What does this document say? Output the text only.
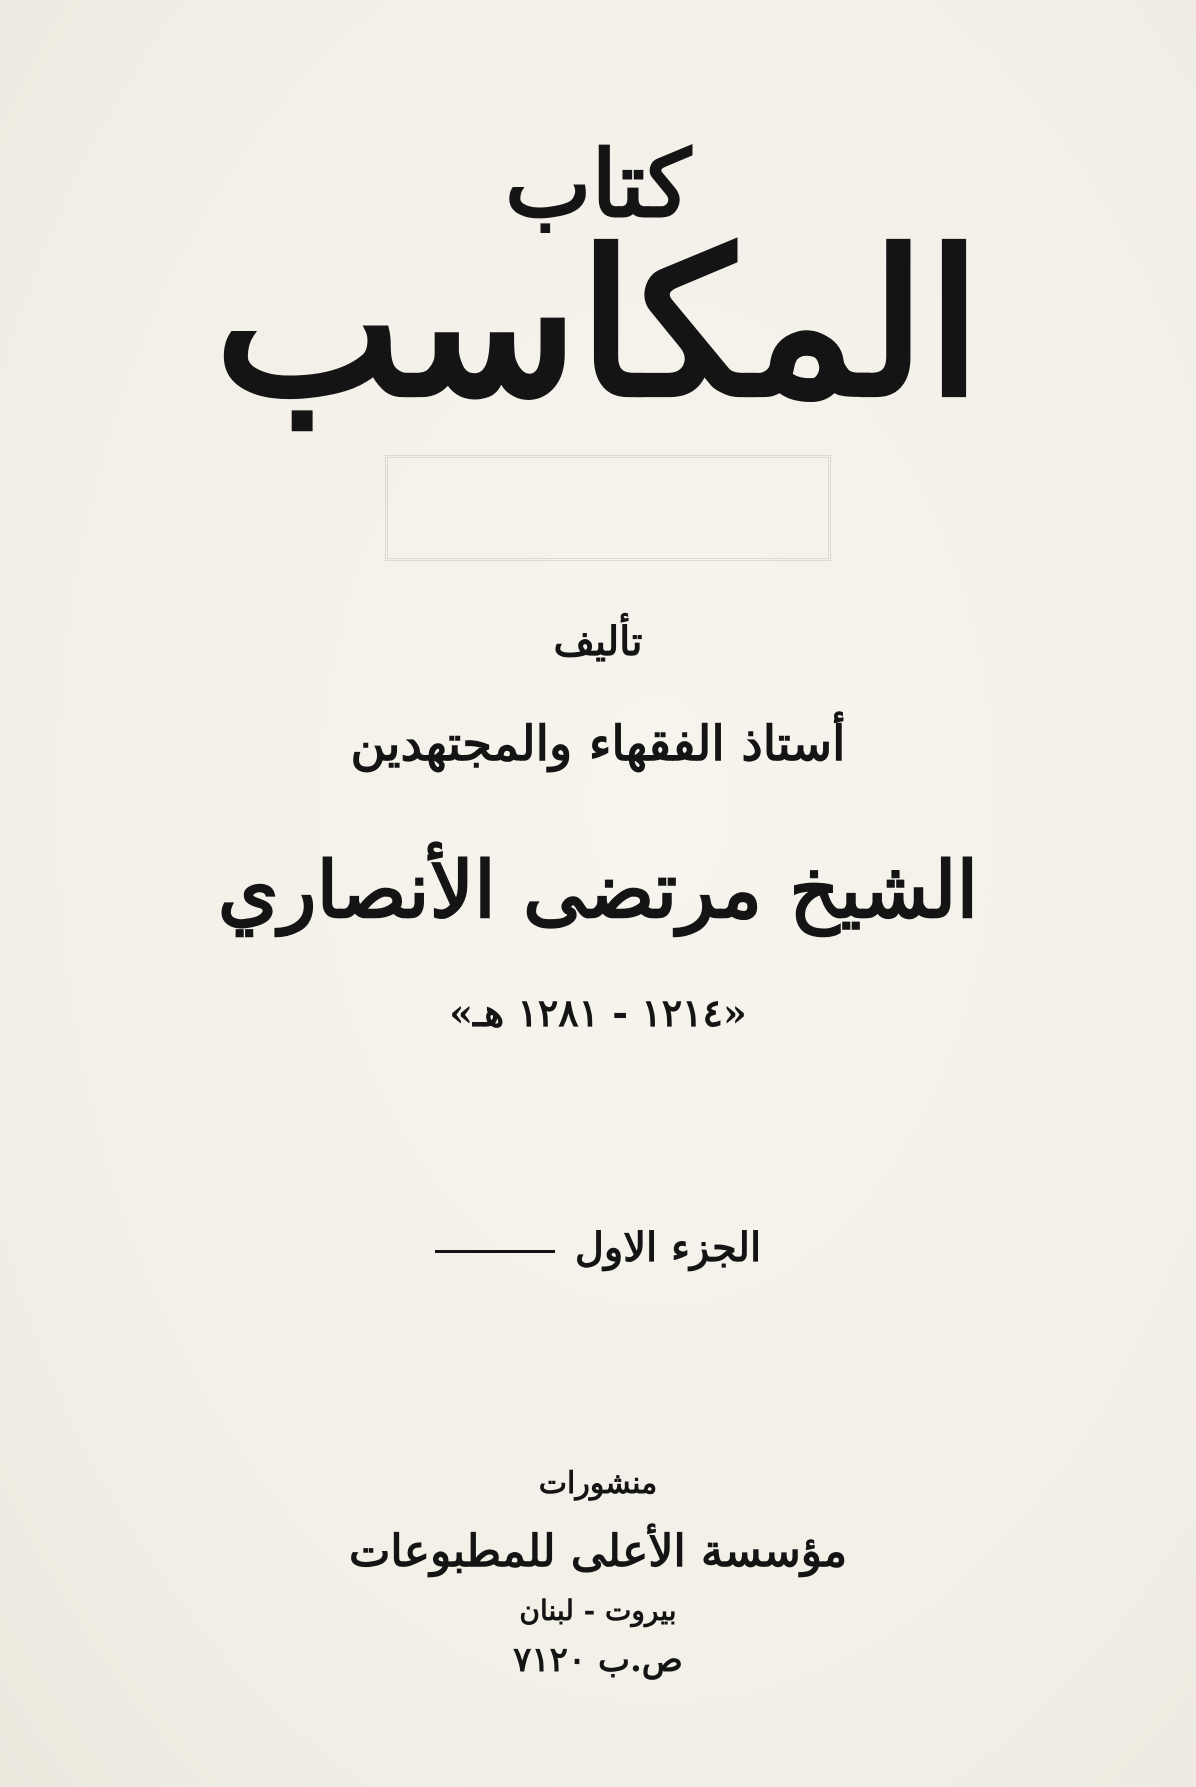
كتاب
المكاسب
تأليف
أستاذ الفقهاء والمجتهدين
الشيخ مرتضى الأنصاري
«١٢١٤ - ١٢٨١ هـ»
الجزء الاول
منشورات
مؤسسة الأعلى للمطبوعات
بيروت - لبنان
ص.ب ٧١٢٠
